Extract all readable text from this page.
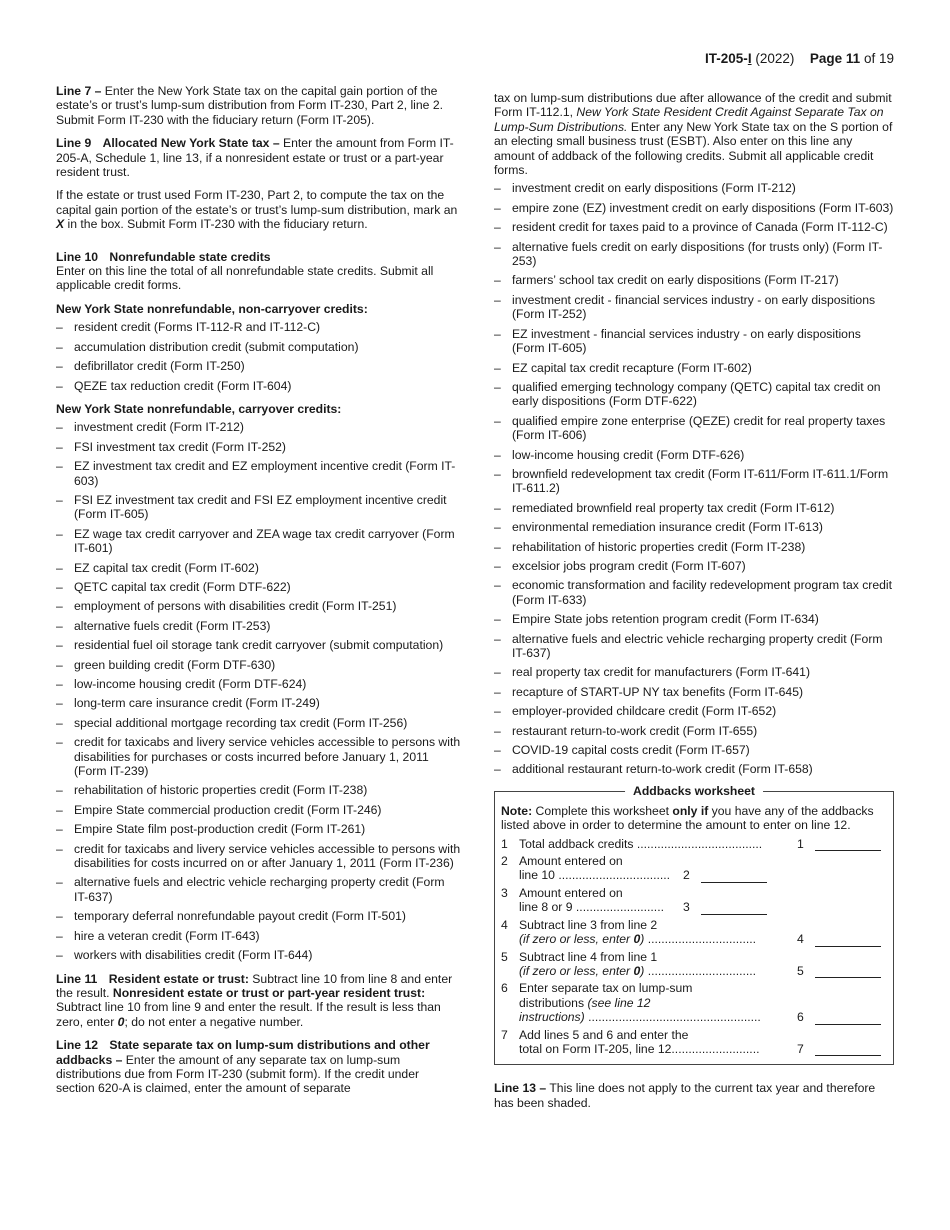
IT-205-I (2022) Page 11 of 19

Line 7 – Enter the New York State tax on the capital gain portion of the estate’s or trust’s lump-sum distribution from Form IT-230, Part 2, line 2. Submit Form IT-230 with the fiduciary return (Form IT-205).

Line 9 Allocated New York State tax – Enter the amount from Form IT-205-A, Schedule 1, line 13, if a nonresident estate or trust or a part-year resident trust.

If the estate or trust used Form IT-230, Part 2, to compute the tax on the capital gain portion of the estate’s or trust’s lump-sum distribution, mark an X in the box. Submit Form IT-230 with the fiduciary return.

Line 10 Nonrefundable state credits

Enter on this line the total of all nonrefundable state credits. Submit all applicable credit forms.

New York State nonrefundable, non-carryover credits:
– resident credit (Forms IT-112-R and IT-112-C)
– accumulation distribution credit (submit computation)
– defibrillator credit (Form IT-250)
– QEZE tax reduction credit (Form IT-604)
New York State nonrefundable, carryover credits:
– investment credit (Form IT-212)
– FSI investment tax credit (Form IT-252)
– EZ investment tax credit and EZ employment incentive credit (Form IT-603)
– FSI EZ investment tax credit and FSI EZ employment incentive credit (Form IT-605)
– EZ wage tax credit carryover and ZEA wage tax credit carryover (Form IT-601)
– EZ capital tax credit (Form IT-602)
– QETC capital tax credit (Form DTF-622)
– employment of persons with disabilities credit (Form IT-251)
– alternative fuels credit (Form IT-253)
– residential fuel oil storage tank credit carryover (submit computation)
– green building credit (Form DTF-630)
– low-income housing credit (Form DTF-624)
– long-term care insurance credit (Form IT-249)
– special additional mortgage recording tax credit (Form IT-256)
– credit for taxicabs and livery service vehicles accessible to persons with disabilities for purchases or costs incurred before January 1, 2011 (Form IT-239)
– rehabilitation of historic properties credit (Form IT-238)
– Empire State commercial production credit (Form IT-246)
– Empire State film post-production credit (Form IT-261)
– credit for taxicabs and livery service vehicles accessible to persons with disabilities for costs incurred on or after January 1, 2011 (Form IT-236)
– alternative fuels and electric vehicle recharging property credit (Form IT-637)
– temporary deferral nonrefundable payout credit (Form IT-501)
– hire a veteran credit (Form IT-643)
– workers with disabilities credit (Form IT-644)

Line 11 Resident estate or trust: Subtract line 10 from line 8 and enter the result. Nonresident estate or trust or part-year resident trust: Subtract line 10 from line 9 and enter the result. If the result is less than zero, enter 0; do not enter a negative number.

Line 12 State separate tax on lump-sum distributions and other addbacks – Enter the amount of any separate tax on lump-sum distributions due from Form IT-230 (submit form). If the credit under section 620-A is claimed, enter the amount of separate

tax on lump-sum distributions due after allowance of the credit and submit Form IT-112.1, New York State Resident Credit Against Separate Tax on Lump-Sum Distributions. Enter any New York State tax on the S portion of an electing small business trust (ESBT). Also enter on this line any amount of addback of the following credits. Submit all applicable credit forms.

– investment credit on early dispositions (Form IT-212)
– empire zone (EZ) investment credit on early dispositions (Form IT-603)
– resident credit for taxes paid to a province of Canada (Form IT-112-C)
– alternative fuels credit on early dispositions (for trusts only) (Form IT-253)
– farmers’ school tax credit on early dispositions (Form IT-217)
– investment credit - financial services industry - on early dispositions (Form IT-252)
– EZ investment - financial services industry - on early dispositions (Form IT-605)
– EZ capital tax credit recapture (Form IT-602)
– qualified emerging technology company (QETC) capital tax credit on early dispositions (Form DTF-622)
– qualified empire zone enterprise (QEZE) credit for real property taxes (Form IT-606)
– low-income housing credit (Form DTF-626)
– brownfield redevelopment tax credit (Form IT-611/Form IT-611.1/Form IT-611.2)
– remediated brownfield real property tax credit (Form IT-612)
– environmental remediation insurance credit (Form IT-613)
– rehabilitation of historic properties credit (Form IT-238)
– excelsior jobs program credit (Form IT-607)
– economic transformation and facility redevelopment program tax credit (Form IT-633)
– Empire State jobs retention program credit (Form IT-634)
– alternative fuels and electric vehicle recharging property credit (Form IT-637)
– real property tax credit for manufacturers (Form IT-641)
– recapture of START-UP NY tax benefits (Form IT-645)
– employer-provided childcare credit (Form IT-652)
– restaurant return-to-work credit (Form IT-655)
– COVID-19 capital costs credit (Form IT-657)
– additional restaurant return-to-work credit (Form IT-658)
Addbacks worksheet
Note: Complete this worksheet only if you have any of the addbacks listed above in order to determine the amount to enter on line 12.
1 Total addback credits .....................................	1
2 Amount entered on
line 10 .................................	2
3 Amount entered on
line 8 or 9 ..........................	3
4 Subtract line 3 from line 2
(if zero or less, enter 0) ................................	4
5 Subtract line 4 from line 1
(if zero or less, enter 0) ................................	5
6 Enter separate tax on lump-sum
distributions (see line 12
instructions) ...................................................	6
7 Add lines 5 and 6 and enter the
total on Form IT-205, line 12..........................	7

Line 13 – This line does not apply to the current tax year and therefore has been shaded.
